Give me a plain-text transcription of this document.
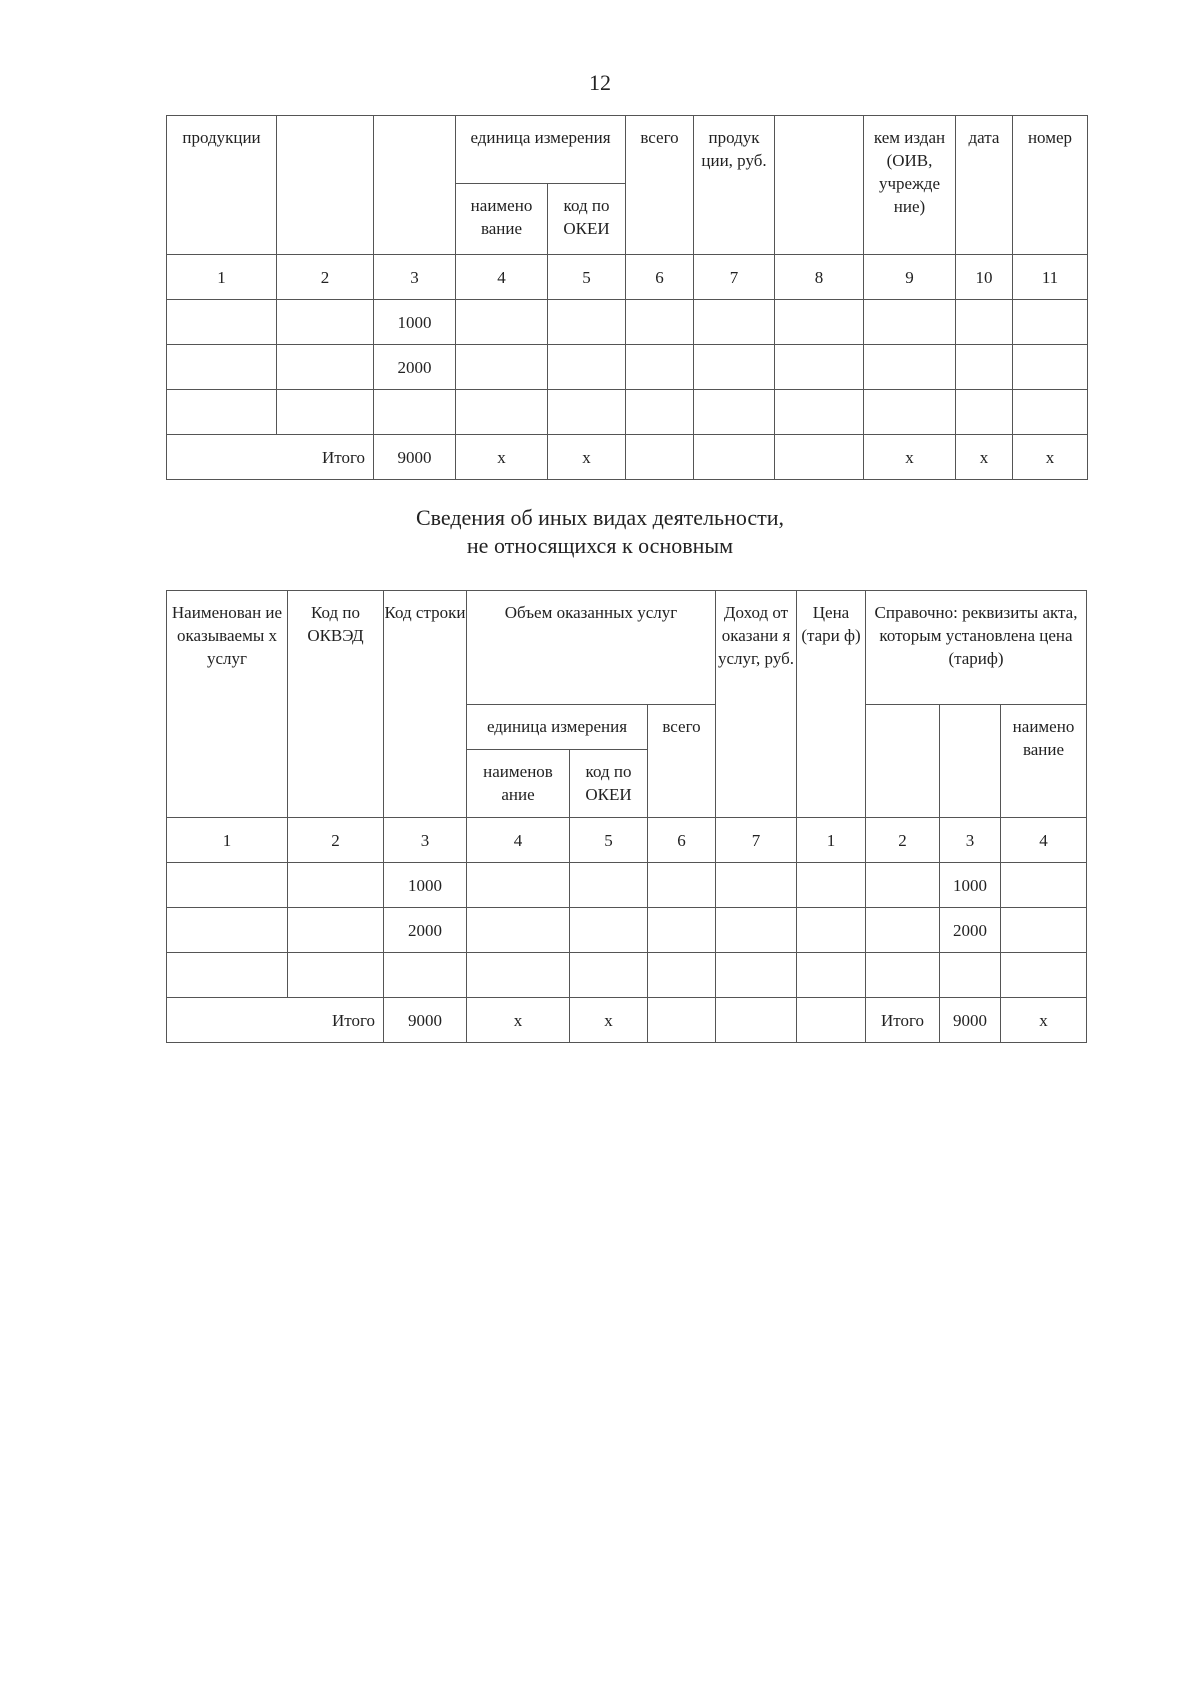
12
продукции			единица измерения		всего	продук ции, руб.		кем издан (ОИВ, учрежде ние)	дата	номер
			наимено вание	код по ОКЕИ						
1	2	3	4	5	6	7	8	9	10	11
		1000								
		2000								

Итого		9000	х	х				х	х	х
Сведения об иных видах деятельности,
не относящихся к основным
Наименован ие оказываемы х услуг	Код по ОКВЭД	Код строки	Объем оказанных услуг			Доход от оказани я услуг, руб.	Цена (тари ф)	Справочно: реквизиты акта, которым установлена цена (тариф)		
			единица измерения		всего					наимено вание
			наименов ание	код по ОКЕИ						
1	2	3	4	5	6	7	1	2	3	4
		1000							1000	
		2000							2000	

Итого		9000	х	х				Итого	9000	х
